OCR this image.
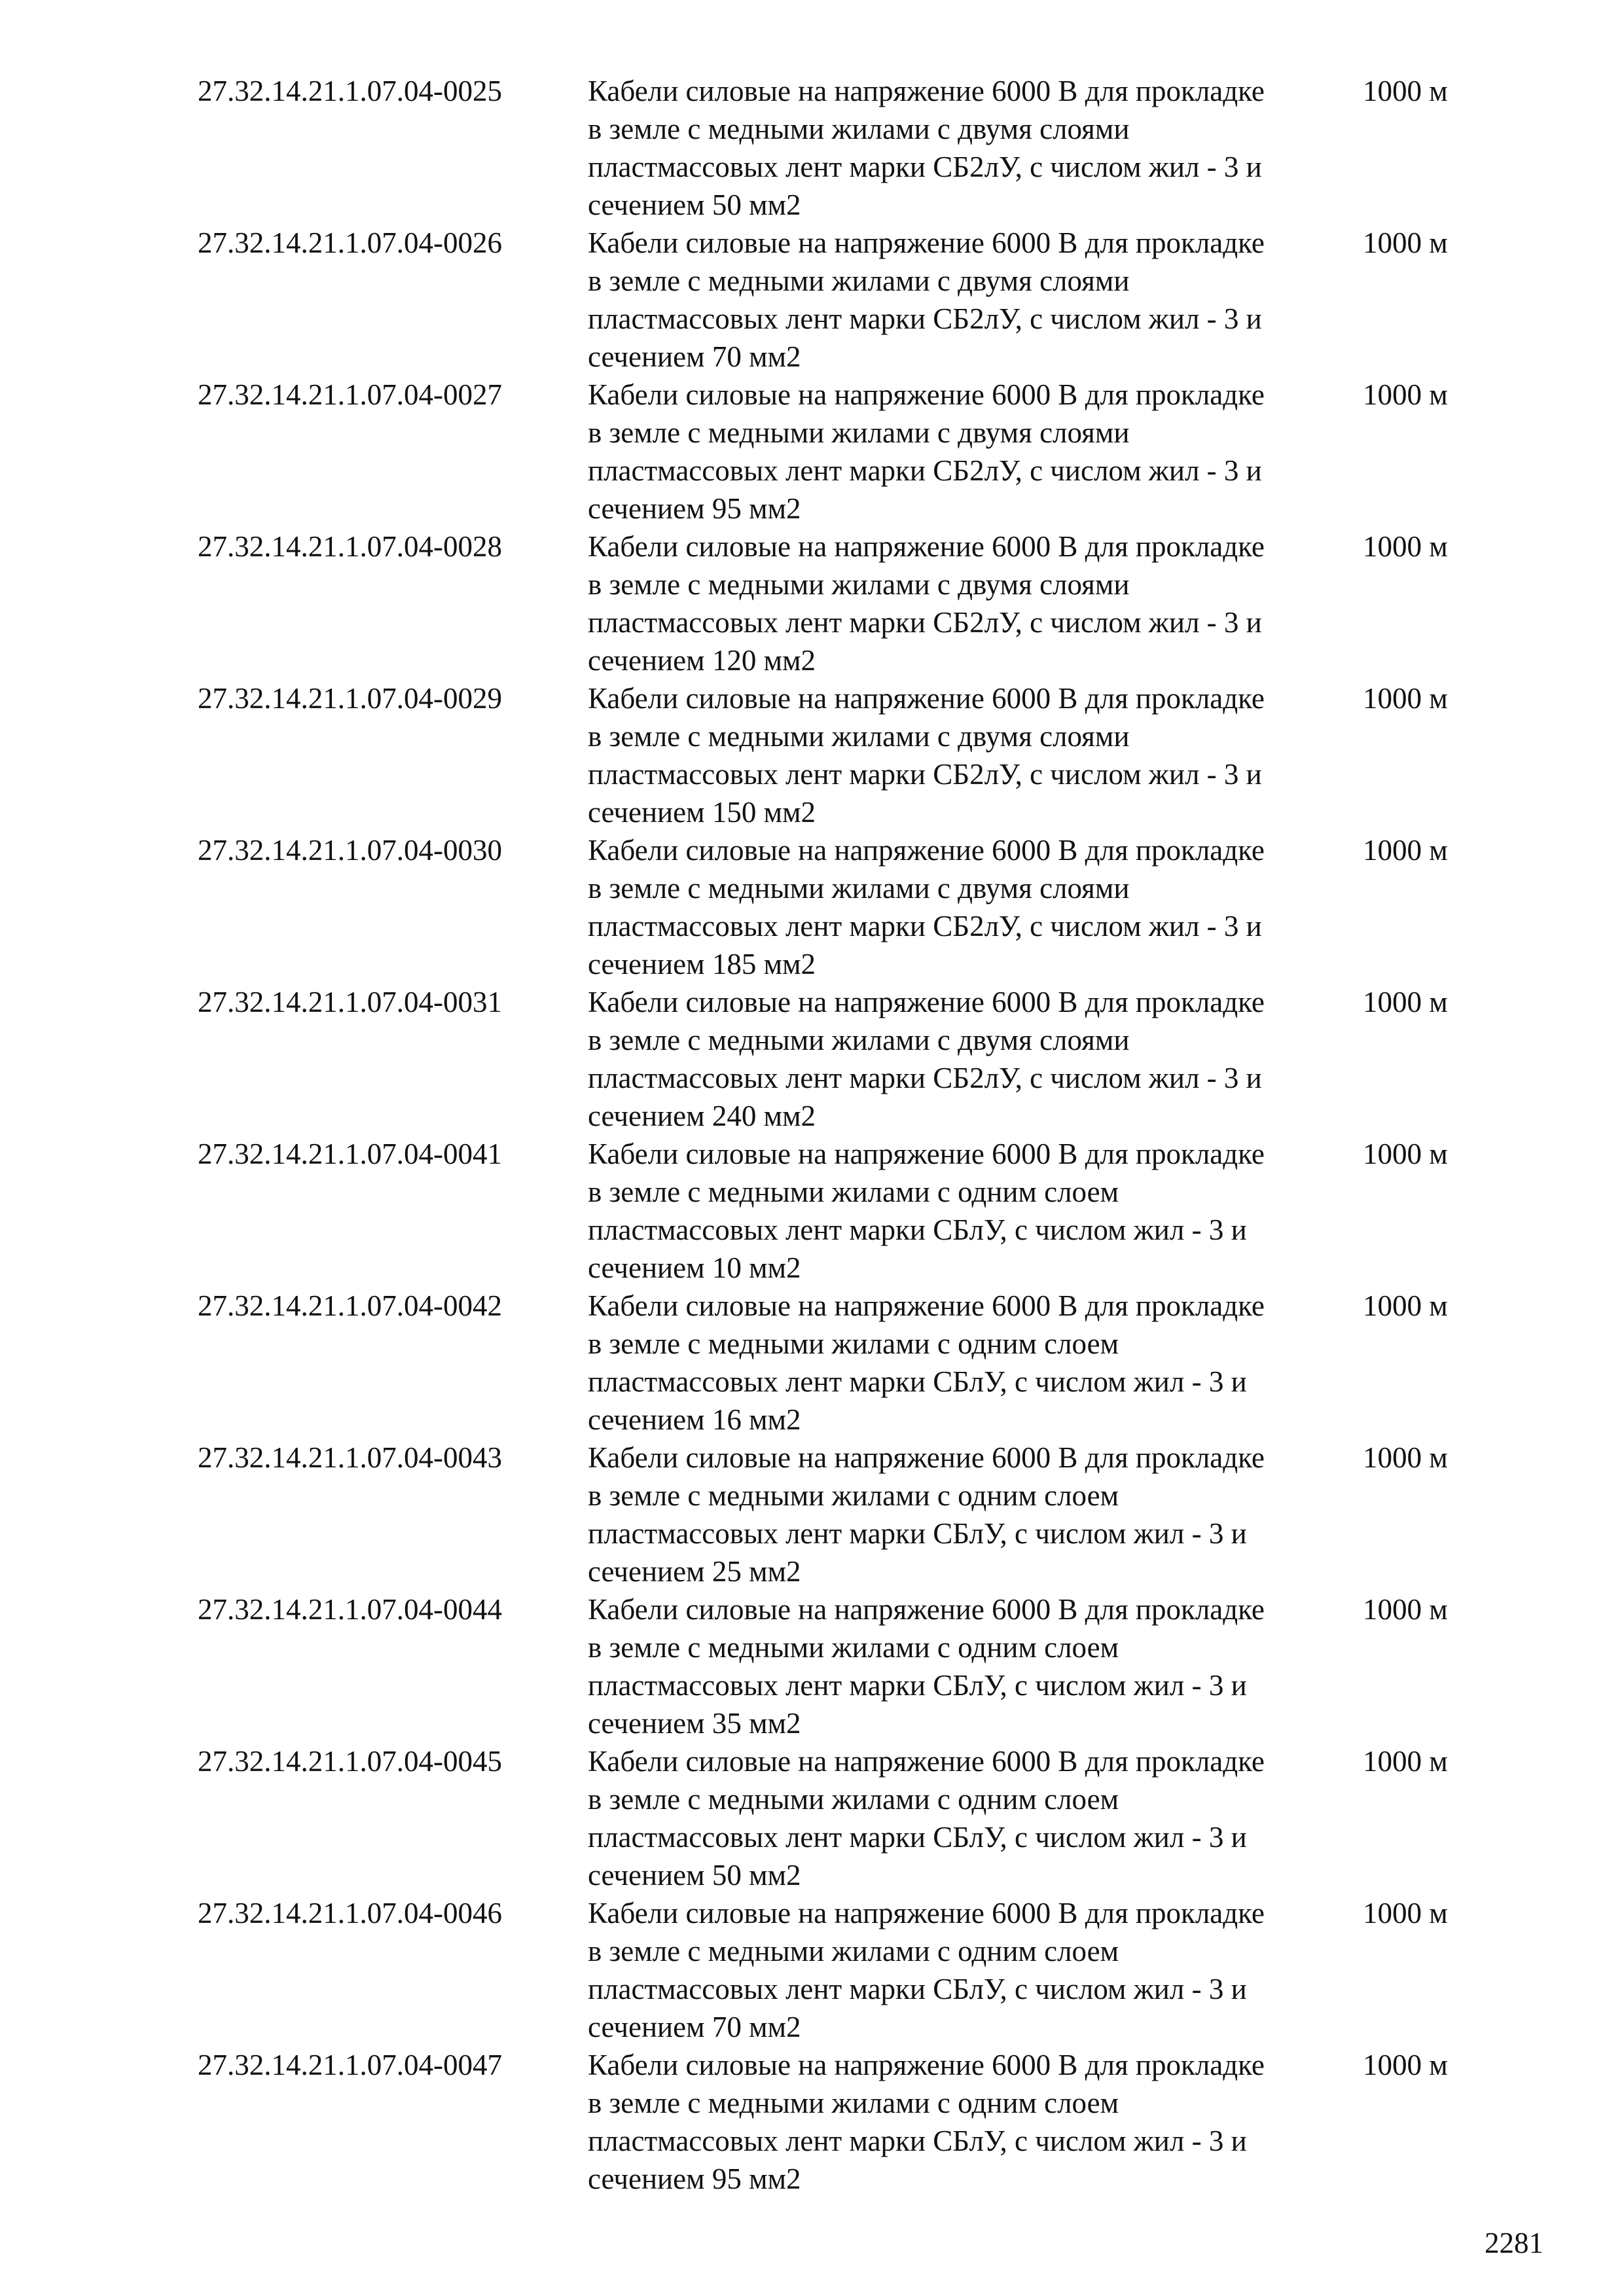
27.32.14.21.1.07.04-0025	Кабели силовые на напряжение 6000 В для прокладке
в земле с медными жилами с двумя слоями
пластмассовых лент марки СБ2лУ, с числом жил - 3 и
сечением 50 мм2
1000 м
27.32.14.21.1.07.04-0026	Кабели силовые на напряжение 6000 В для прокладке
в земле с медными жилами с двумя слоями
пластмассовых лент марки СБ2лУ, с числом жил - 3 и
сечением 70 мм2
1000 м
27.32.14.21.1.07.04-0027	Кабели силовые на напряжение 6000 В для прокладке
в земле с медными жилами с двумя слоями
пластмассовых лент марки СБ2лУ, с числом жил - 3 и
сечением 95 мм2
1000 м
27.32.14.21.1.07.04-0028	Кабели силовые на напряжение 6000 В для прокладке
в земле с медными жилами с двумя слоями
пластмассовых лент марки СБ2лУ, с числом жил - 3 и
сечением 120 мм2
1000 м
27.32.14.21.1.07.04-0029	Кабели силовые на напряжение 6000 В для прокладке
в земле с медными жилами с двумя слоями
пластмассовых лент марки СБ2лУ, с числом жил - 3 и
сечением 150 мм2
1000 м
27.32.14.21.1.07.04-0030	Кабели силовые на напряжение 6000 В для прокладке
в земле с медными жилами с двумя слоями
пластмассовых лент марки СБ2лУ, с числом жил - 3 и
сечением 185 мм2
1000 м
27.32.14.21.1.07.04-0031	Кабели силовые на напряжение 6000 В для прокладке
в земле с медными жилами с двумя слоями
пластмассовых лент марки СБ2лУ, с числом жил - 3 и
сечением 240 мм2
1000 м
27.32.14.21.1.07.04-0041	Кабели силовые на напряжение 6000 В для прокладке
в земле с медными жилами с одним слоем
пластмассовых лент марки СБлУ, с числом жил - 3 и
сечением 10 мм2
1000 м
27.32.14.21.1.07.04-0042	Кабели силовые на напряжение 6000 В для прокладке
в земле с медными жилами с одним слоем
пластмассовых лент марки СБлУ, с числом жил - 3 и
сечением 16 мм2
1000 м
27.32.14.21.1.07.04-0043	Кабели силовые на напряжение 6000 В для прокладке
в земле с медными жилами с одним слоем
пластмассовых лент марки СБлУ, с числом жил - 3 и
сечением 25 мм2
1000 м
27.32.14.21.1.07.04-0044	Кабели силовые на напряжение 6000 В для прокладке
в земле с медными жилами с одним слоем
пластмассовых лент марки СБлУ, с числом жил - 3 и
сечением 35 мм2
1000 м
27.32.14.21.1.07.04-0045	Кабели силовые на напряжение 6000 В для прокладке
в земле с медными жилами с одним слоем
пластмассовых лент марки СБлУ, с числом жил - 3 и
сечением 50 мм2
1000 м
27.32.14.21.1.07.04-0046	Кабели силовые на напряжение 6000 В для прокладке
в земле с медными жилами с одним слоем
пластмассовых лент марки СБлУ, с числом жил - 3 и
сечением 70 мм2
1000 м
27.32.14.21.1.07.04-0047	Кабели силовые на напряжение 6000 В для прокладке
в земле с медными жилами с одним слоем
пластмассовых лент марки СБлУ, с числом жил - 3 и
сечением 95 мм2
1000 м
2281
